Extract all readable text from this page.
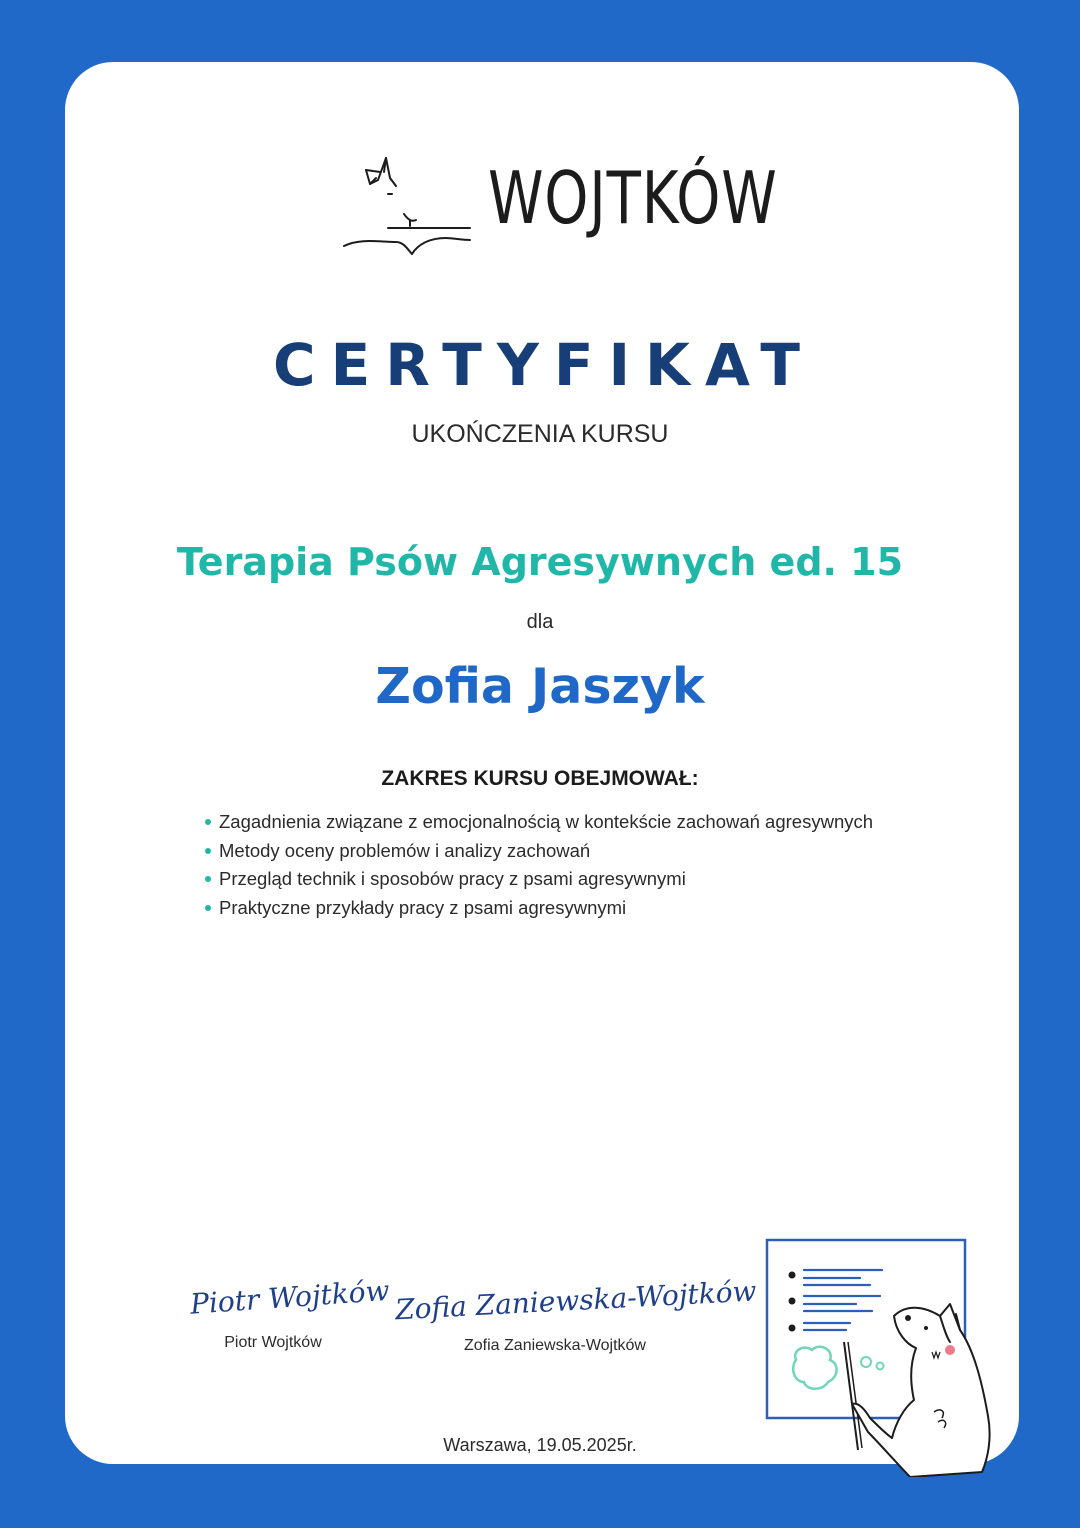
WOJTKÓW
CERTYFIKAT
UKOŃCZENIA KURSU
Terapia Psów Agresywnych ed. 15
dla
Zofia Jaszyk
ZAKRES KURSU OBEJMOWAŁ:
Zagadnienia związane z emocjonalnością w kontekście zachowań agresywnych
Metody oceny problemów i analizy zachowań
Przegląd technik i sposobów pracy z psami agresywnymi
Praktyczne przykłady pracy z psami agresywnymi
Piotr Wojtków
Piotr Wojtków
Zofia Zaniewska-Wojtków
Zofia Zaniewska-Wojtków
Warszawa, 19.05.2025r.
